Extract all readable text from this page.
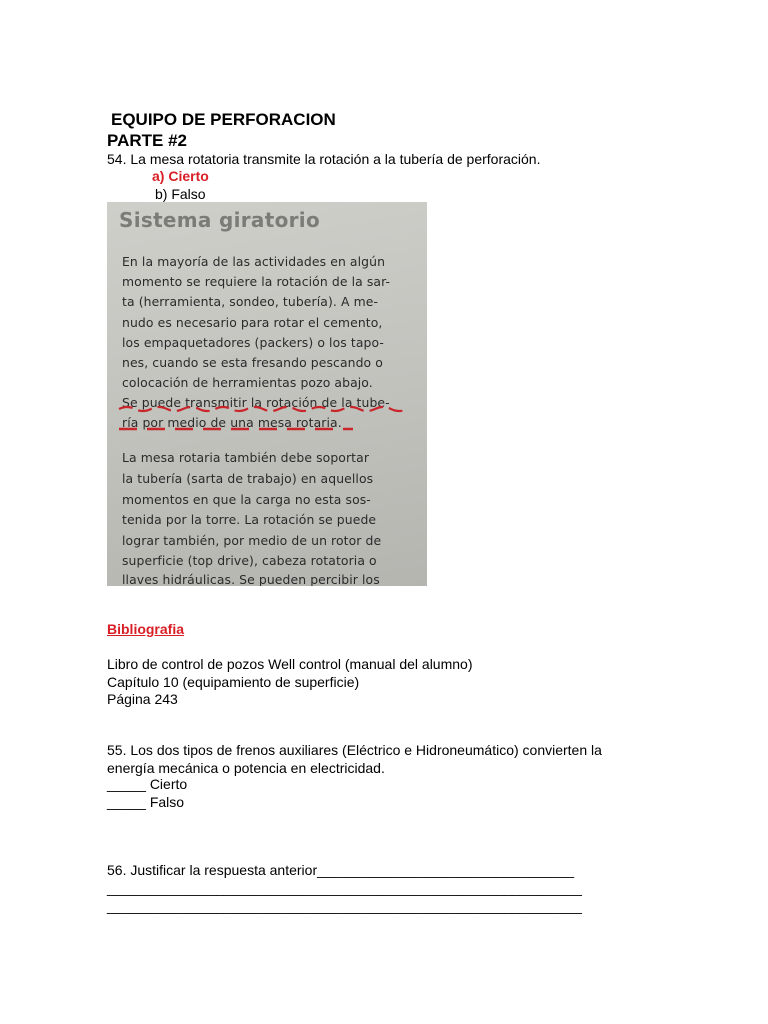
EQUIPO DE PERFORACION
PARTE #2
54. La mesa rotatoria transmite la rotación a la tubería de perforación.
a) Cierto
b) Falso
Sistema giratorio
En la mayoría de las actividades en algún
momento se requiere la rotación de la sar-
ta (herramienta, sondeo, tubería). A me-
nudo es necesario para rotar el cemento,
los empaquetadores (packers) o los tapo-
nes, cuando se esta fresando pescando o
colocación de herramientas pozo abajo.
Se puede transmitir la rotación de la tube-
ría por medio de una mesa rotaria.
La mesa rotaria también debe soportar
la tubería (sarta de trabajo) en aquellos
momentos en que la carga no esta sos-
tenida por la torre. La rotación se puede
lograr también, por medio de un rotor de
superficie (top drive), cabeza rotatoria o
llaves hidráulicas. Se pueden percibir los
Bibliografia
Libro de control de pozos Well control (manual del alumno)
Capítulo 10 (equipamiento de superficie)
Página 243
55. Los dos tipos de frenos auxiliares (Eléctrico e Hidroneumático) convierten la
energía mecánica o potencia en electricidad.
_____ Cierto
_____ Falso
56. Justificar la respuesta anterior_________________________________
_____________________________________________________________
_____________________________________________________________
